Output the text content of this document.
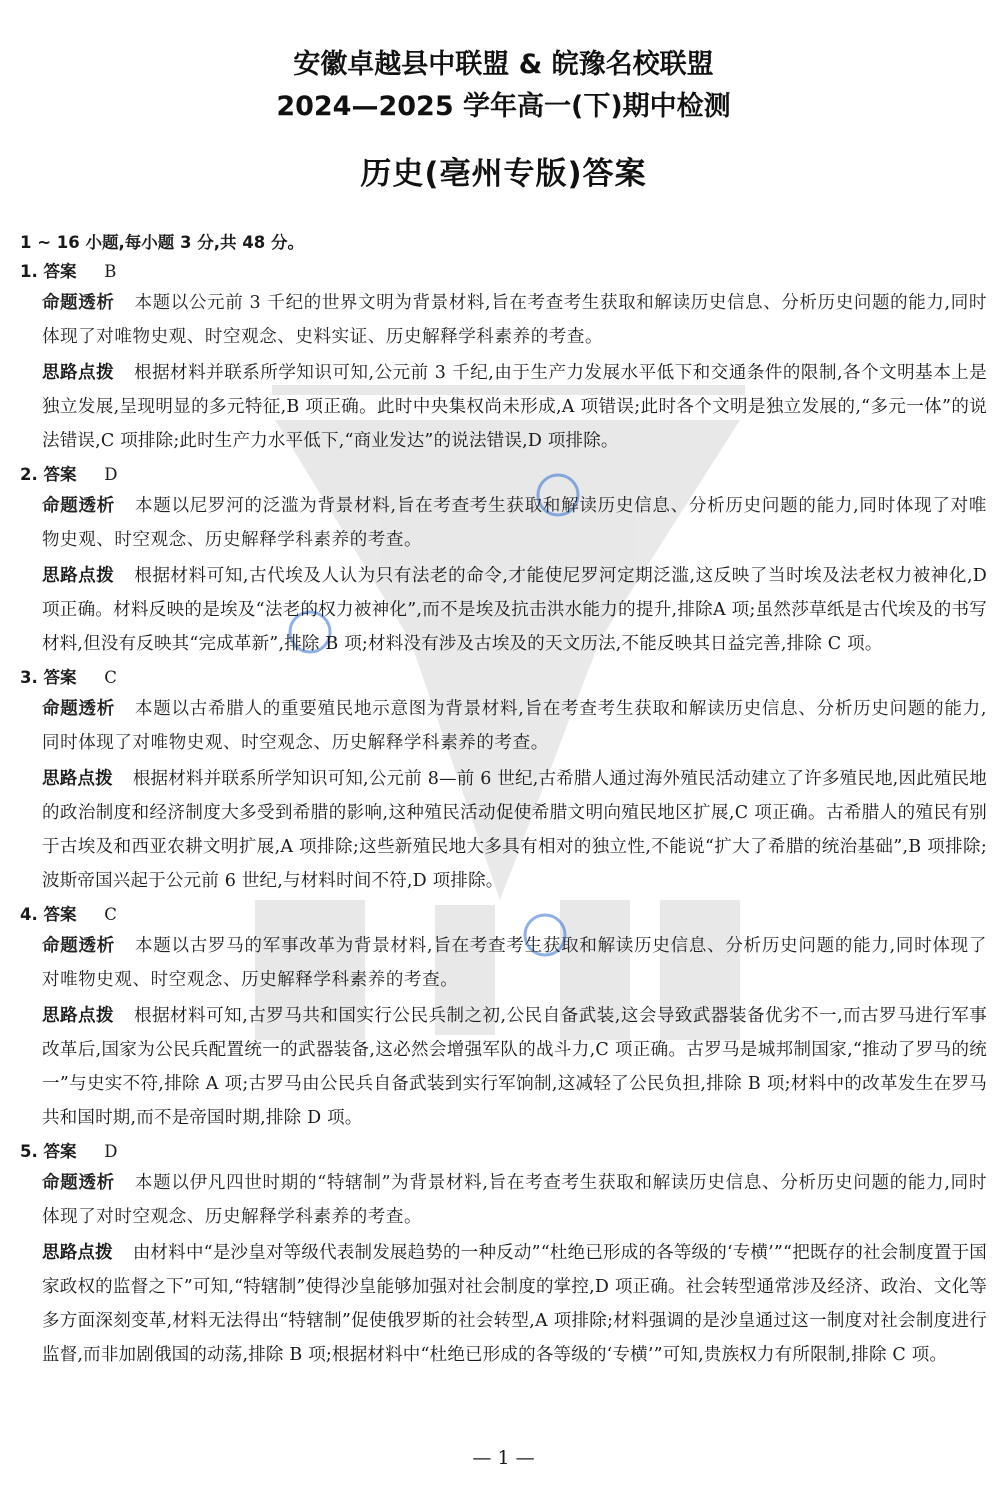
安徽卓越县中联盟 & 皖豫名校联盟
2024—2025 学年高一(下)期中检测
历史(亳州专版)答案
1 ~ 16 小题,每小题 3 分,共 48 分。
1. 答案 B

命题透析 本题以公元前 3 千纪的世界文明为背景材料,旨在考查考生获取和解读历史信息、分析历史问题的能力,同时体现了对唯物史观、时空观念、史料实证、历史解释学科素养的考查。

思路点拨 根据材料并联系所学知识可知,公元前 3 千纪,由于生产力发展水平低下和交通条件的限制,各个文明基本上是独立发展,呈现明显的多元特征,B 项正确。此时中央集权尚未形成,A 项错误;此时各个文明是独立发展的,“多元一体”的说法错误,C 项排除;此时生产力水平低下,“商业发达”的说法错误,D 项排除。

2. 答案 D

命题透析 本题以尼罗河的泛滥为背景材料,旨在考查考生获取和解读历史信息、分析历史问题的能力,同时体现了对唯物史观、时空观念、历史解释学科素养的考查。

思路点拨 根据材料可知,古代埃及人认为只有法老的命令,才能使尼罗河定期泛滥,这反映了当时埃及法老权力被神化,D 项正确。材料反映的是埃及“法老的权力被神化”,而不是埃及抗击洪水能力的提升,排除A 项;虽然莎草纸是古代埃及的书写材料,但没有反映其“完成革新”,排除 B 项;材料没有涉及古埃及的天文历法,不能反映其日益完善,排除 C 项。

3. 答案 C

命题透析 本题以古希腊人的重要殖民地示意图为背景材料,旨在考查考生获取和解读历史信息、分析历史问题的能力,同时体现了对唯物史观、时空观念、历史解释学科素养的考查。

思路点拨 根据材料并联系所学知识可知,公元前 8—前 6 世纪,古希腊人通过海外殖民活动建立了许多殖民地,因此殖民地的政治制度和经济制度大多受到希腊的影响,这种殖民活动促使希腊文明向殖民地区扩展,C 项正确。古希腊人的殖民有别于古埃及和西亚农耕文明扩展,A 项排除;这些新殖民地大多具有相对的独立性,不能说“扩大了希腊的统治基础”,B 项排除;波斯帝国兴起于公元前 6 世纪,与材料时间不符,D 项排除。

4. 答案 C

命题透析 本题以古罗马的军事改革为背景材料,旨在考查考生获取和解读历史信息、分析历史问题的能力,同时体现了对唯物史观、时空观念、历史解释学科素养的考查。

思路点拨 根据材料可知,古罗马共和国实行公民兵制之初,公民自备武装,这会导致武器装备优劣不一,而古罗马进行军事改革后,国家为公民兵配置统一的武器装备,这必然会增强军队的战斗力,C 项正确。古罗马是城邦制国家,“推动了罗马的统一”与史实不符,排除 A 项;古罗马由公民兵自备武装到实行军饷制,这减轻了公民负担,排除 B 项;材料中的改革发生在罗马共和国时期,而不是帝国时期,排除 D 项。

5. 答案 D

命题透析 本题以伊凡四世时期的“特辖制”为背景材料,旨在考查考生获取和解读历史信息、分析历史问题的能力,同时体现了对时空观念、历史解释学科素养的考查。

思路点拨 由材料中“是沙皇对等级代表制发展趋势的一种反动”“杜绝已形成的各等级的‘专横’”“把既存的社会制度置于国家政权的监督之下”可知,“特辖制”使得沙皇能够加强对社会制度的掌控,D 项正确。社会转型通常涉及经济、政治、文化等多方面深刻变革,材料无法得出“特辖制”促使俄罗斯的社会转型,A 项排除;材料强调的是沙皇通过这一制度对社会制度进行监督,而非加剧俄国的动荡,排除 B 项;根据材料中“杜绝已形成的各等级的‘专横’”可知,贵族权力有所限制,排除 C 项。

— 1 —
